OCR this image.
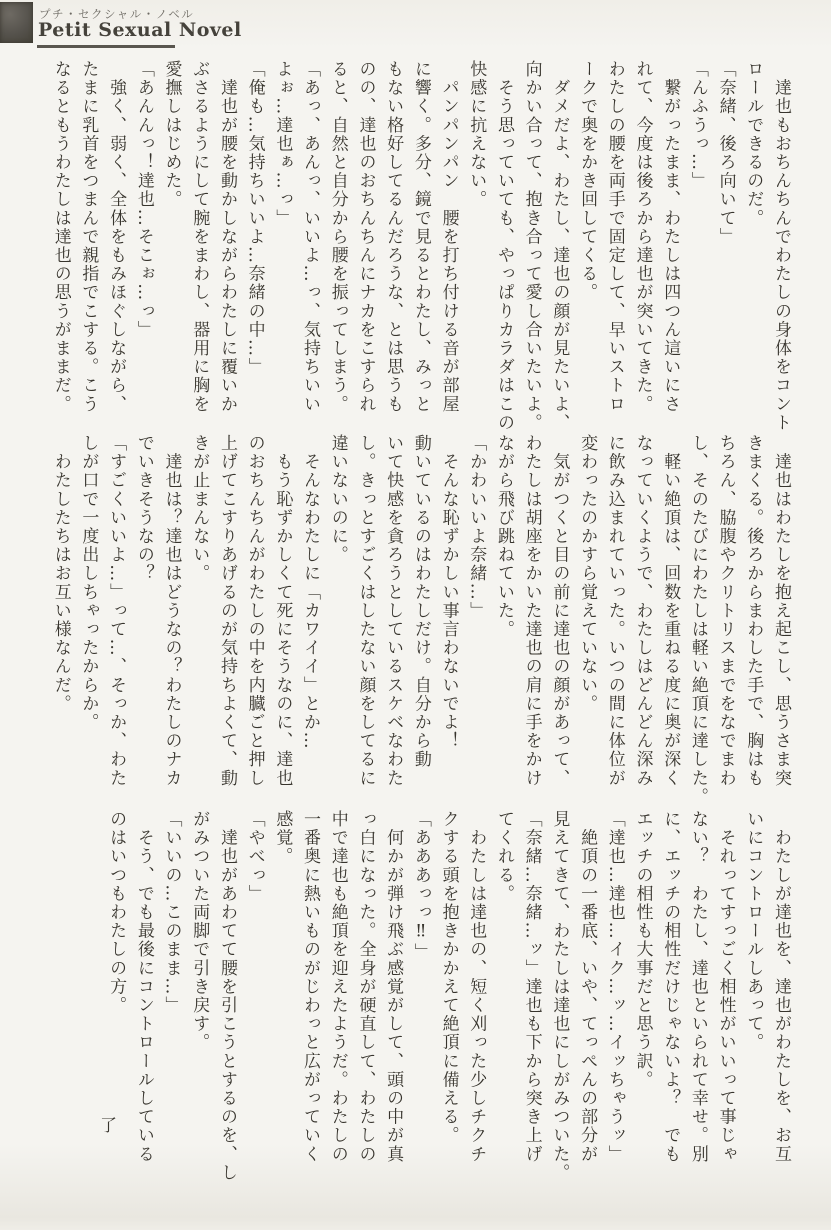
プチ・セクシャル・ノベル
Petit Sexual Novel

　達也もおちんちんでわたしの身体をコント

ロールできるのだ。

「奈緒、後ろ向いて」

「んふうっ…」

　繋がったまま、わたしは四つん這いにさ

れて、今度は後ろから達也が突いてきた。

わたしの腰を両手で固定して、早いストロ

ークで奥をかき回してくる。

　ダメだよ、わたし、達也の顔が見たいよ、

向かい合って、抱き合って愛し合いたいよ。

　そう思っていても、やっぱりカラダはこの

快感に抗えない。

　パンパンパン　腰を打ち付ける音が部屋

に響く。多分、鏡で見るとわたし、みっと

もない格好してるんだろうな、とは思うも

のの、達也のおちんちんにナカをこすられ

ると、自然と自分から腰を振ってしまう。

「あっ、あんっ、いいよ…っ、気持ちいい

よぉ…達也ぁ…っ」

「俺も…気持ちいいよ…奈緒の中…」

　達也が腰を動かしながらわたしに覆いか

ぶさるようにして腕をまわし、器用に胸を

愛撫しはじめた。

「あんんっ！達也…そこぉ…っ」

　強く、弱く、全体をもみほぐしながら、

たまに乳首をつまんで親指でこする。こう

なるともうわたしは達也の思うがままだ。

　達也はわたしを抱え起こし、思うさま突

きまくる。後ろからまわした手で、胸はも

ちろん、脇腹やクリトリスまでをなでまわ

し、そのたびにわたしは軽い絶頂に達した。

　軽い絶頂は、回数を重ねる度に奥が深く

なっていくようで、わたしはどんどん深み

に飲み込まれていった。いつの間に体位が

変わったのかすら覚えていない。

　気がつくと目の前に達也の顔があって、

わたしは胡座をかいた達也の肩に手をかけ

ながら飛び跳ねていた。

「かわいいよ奈緒…」

　そんな恥ずかしい事言わないでよ！

動いているのはわたしだけ。自分から動

いて快感を貪ろうとしているスケベなわた

し。きっとすごくはしたない顔をしてるに

違いないのに。

　そんなわたしに「カワイイ」とか…

　もう恥ずかしくて死にそうなのに、達也

のおちんちんがわたしの中を内臓ごと押し

上げてこすりあげるのが気持ちよくて、動

きが止まんない。

　達也は？達也はどうなの？わたしのナカ

でいきそうなの？

「すごくいいよ…」って…、そっか、わた

しが口で一度出しちゃったからか。

　わたしたちはお互い様なんだ。

　わたしが達也を、達也がわたしを、お互

いにコントロールしあって。

　それってすっごく相性がいいって事じゃ

ない？　わたし、達也といられて幸せ。別

に、エッチの相性だけじゃないよ？　でも

エッチの相性も大事だと思う訳。

「達也…達也…イク…ッ…イッちゃうッ」

　絶頂の一番底、いや、てっぺんの部分が

見えてきて、わたしは達也にしがみついた。

「奈緒…奈緒…ッ」達也も下から突き上げ

てくれる。

　わたしは達也の、短く刈った少しチクチ

クする頭を抱きかかえて絶頂に備える。

「あああっっ‼」

　何かが弾け飛ぶ感覚がして、頭の中が真

っ白になった。全身が硬直して、わたしの

中で達也も絶頂を迎えたようだ。わたしの

一番奥に熱いものがじわっと広がっていく

感覚。

「やべっ」

　達也があわてて腰を引こうとするのを、し

がみついた両脚で引き戻す。

「いいの…このまま…」

　そう、でも最後にコントロールしている

のはいつもわたしの方。

了
